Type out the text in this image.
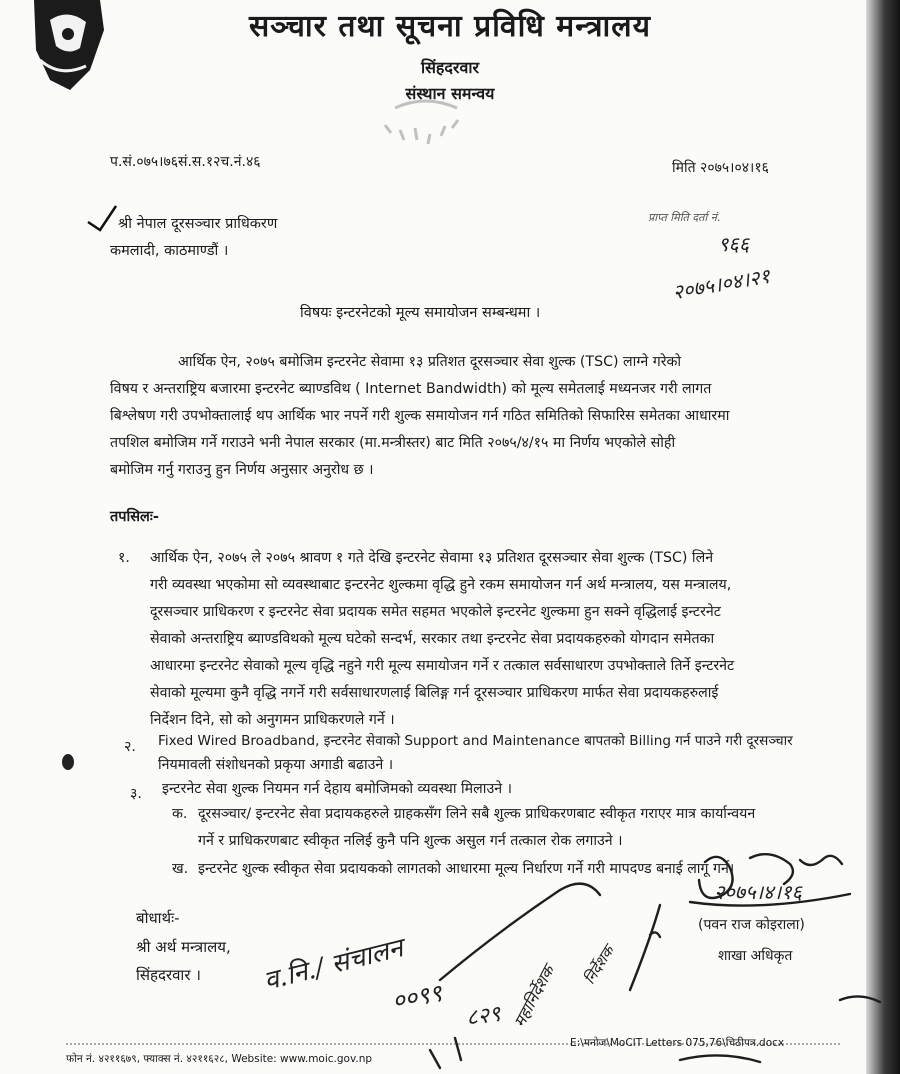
सञ्चार तथा सूचना प्रविधि मन्त्रालय
सिंहदरवार
संस्थान समन्वय
प.सं.०७५।७६सं.स.१२च.नं.४६	मिति २०७५।०४।१६
श्री नेपाल दूरसञ्चार प्राधिकरण
कमलादी, काठमाण्डौं ।
प्राप्त मिति दर्ता नं.
९६६
२०७५।०४।२१
विषयः इन्टरनेटको मूल्य समायोजन सम्बन्धमा ।
आर्थिक ऐन, २०७५ बमोजिम इन्टरनेट सेवामा १३ प्रतिशत दूरसञ्चार सेवा शुल्क (TSC) लाग्ने गरेको
विषय र अन्तराष्ट्रिय बजारमा इन्टरनेट ब्याण्डविथ ( Internet Bandwidth) को मूल्य समेतलाई मध्यनजर गरी लागत
बिश्लेषण गरी उपभोक्तालाई थप आर्थिक भार नपर्ने गरी शुल्क समायोजन गर्न गठित समितिको सिफारिस समेतका आधारमा
तपशिल बमोजिम गर्ने गराउने भनी नेपाल सरकार (मा.मन्त्रीस्तर) बाट मिति २०७५/४/१५ मा निर्णय भएकोले सोही
बमोजिम गर्नु गराउनु हुन निर्णय अनुसार अनुरोध छ ।
तपसिलः-
१. आर्थिक ऐन, २०७५ ले २०७५ श्रावण १ गते देखि इन्टरनेट सेवामा १३ प्रतिशत दूरसञ्चार सेवा शुल्क (TSC) लिने
गरी व्यवस्था भएकोमा सो व्यवस्थाबाट इन्टरनेट शुल्कमा वृद्धि हुने रकम समायोजन गर्न अर्थ मन्त्रालय, यस मन्त्रालय,
दूरसञ्चार प्राधिकरण र इन्टरनेट सेवा प्रदायक समेत सहमत भएकोले इन्टरनेट शुल्कमा हुन सक्ने वृद्धिलाई इन्टरनेट
सेवाको अन्तराष्ट्रिय ब्याण्डविथको मूल्य घटेको सन्दर्भ, सरकार तथा इन्टरनेट सेवा प्रदायकहरुको योगदान समेतका
आधारमा इन्टरनेट सेवाको मूल्य वृद्धि नहुने गरी मूल्य समायोजन गर्ने र तत्काल सर्वसाधारण उपभोक्ताले तिर्ने इन्टरनेट
सेवाको मूल्यमा कुनै वृद्धि नगर्ने गरी सर्वसाधारणलाई बिलिङ्ग गर्न दूरसञ्चार प्राधिकरण मार्फत सेवा प्रदायकहरुलाई
निर्देशन दिने, सो को अनुगमन प्राधिकरणले गर्ने ।
२. Fixed Wired Broadband, इन्टरनेट सेवाको Support and Maintenance बापतको Billing गर्न पाउने गरी दूरसञ्चार
नियमावली संशोधनको प्रकृया अगाडी बढाउने ।
३. इन्टरनेट सेवा शुल्क नियमन गर्न देहाय बमोजिमको व्यवस्था मिलाउने ।
क. दूरसञ्चार/ इन्टरनेट सेवा प्रदायकहरुले ग्राहकसँग लिने सबै शुल्क प्राधिकरणबाट स्वीकृत गराएर मात्र कार्यान्वयन
गर्ने र प्राधिकरणबाट स्वीकृत नलिई कुनै पनि शुल्क असुल गर्न तत्काल रोक लगाउने ।
ख. इन्टरनेट शुल्क स्वीकृत सेवा प्रदायकको लागतको आधारमा मूल्य निर्धारण गर्ने गरी मापदण्ड बनाई लागू गर्ने।
बोधार्थः-
श्री अर्थ मन्त्रालय,
सिंहदरवार ।
२०७५।४।१६
(पवन राज कोइराला)
शाखा अधिकृत
व.नि./ संचालन
००९९
८२९ महानिर्देशक निर्देशक
फोन नं. ४२११६७९, फ्याक्स नं. ४२११६२८, Website: www.moic.gov.np
E:\मनोज\MoCIT Letters 075,76\चिठीपत्र.docx
